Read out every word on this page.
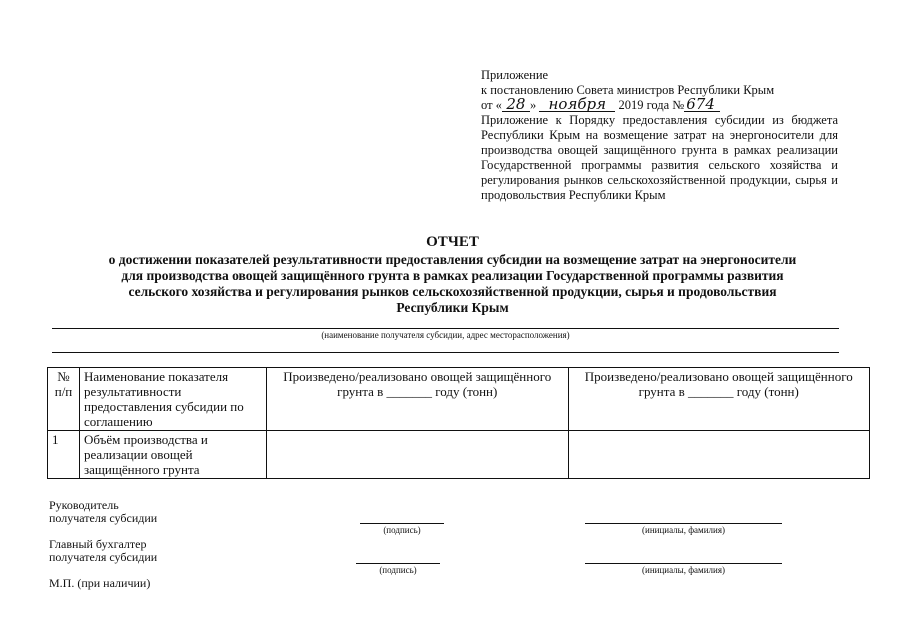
Приложение
к постановлению Совета министров Республики Крым
от « 28 » ноября 2019 года № 674
Приложение к Порядку предоставления субсидии из бюджета Республики Крым на возмещение затрат на энергоносители для производства овощей защищённого грунта в рамках реализации Государственной программы развития сельского хозяйства и регулирования рынков сельскохозяйственной продукции, сырья и продовольствия Республики Крым
ОТЧЕТ
о достижении показателей результативности предоставления субсидии на возмещение затрат на энергоносители
для производства овощей защищённого грунта в рамках реализации Государственной программы развития
сельского хозяйства и регулирования рынков сельскохозяйственной продукции, сырья и продовольствия
Республики Крым
(наименование получателя субсидии, адрес месторасположения)
№ п/п	Наименование показателя результативности предоставления субсидии по соглашению	Произведено/реализовано овощей защищённого грунта в _______ году (тонн)	Произведено/реализовано овощей защищённого грунта в _______ году (тонн)
1	Объём производства и реализации овощей защищённого грунта		
Руководитель
получателя субсидии
(подпись)	(инициалы, фамилия)
Главный бухгалтер
получателя субсидии
(подпись)	(инициалы, фамилия)
М.П. (при наличии)
